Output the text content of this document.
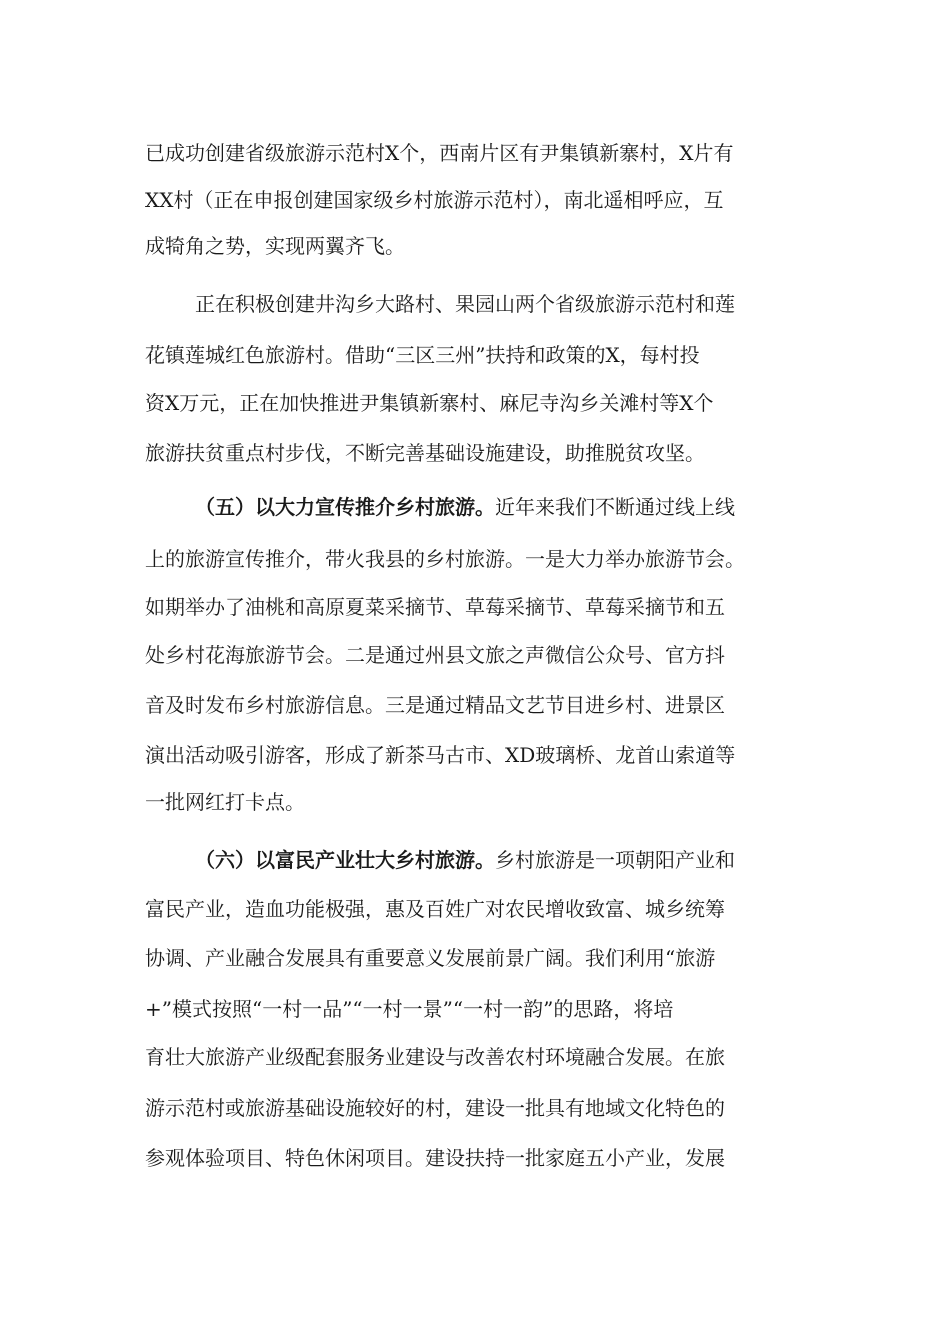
已成功创建省级旅游示范村X个，西南片区有尹集镇新寨村，X片有

XX村（正在申报创建国家级乡村旅游示范村），南北遥相呼应，互

成犄角之势，实现两翼齐飞。

正在积极创建井沟乡大路村、果园山两个省级旅游示范村和莲

花镇莲城红色旅游村。借助“三区三州”扶持和政策的X，每村投

资X万元，正在加快推进尹集镇新寨村、麻尼寺沟乡关滩村等X个

旅游扶贫重点村步伐，不断完善基础设施建设，助推脱贫攻坚。

（五）以大力宣传推介乡村旅游。近年来我们不断通过线上线

上的旅游宣传推介，带火我县的乡村旅游。一是大力举办旅游节会。

如期举办了油桃和高原夏菜采摘节、草莓采摘节、草莓采摘节和五

处乡村花海旅游节会。二是通过州县文旅之声微信公众号、官方抖

音及时发布乡村旅游信息。三是通过精品文艺节目进乡村、进景区

演出活动吸引游客，形成了新茶马古市、XD玻璃桥、龙首山索道等

一批网红打卡点。

（六）以富民产业壮大乡村旅游。乡村旅游是一项朝阳产业和

富民产业，造血功能极强，惠及百姓广对农民增收致富、城乡统筹

协调、产业融合发展具有重要意义发展前景广阔。我们利用“旅游

+”模式按照“一村一品”“一村一景”“一村一韵”的思路，将培

育壮大旅游产业级配套服务业建设与改善农村环境融合发展。在旅

游示范村或旅游基础设施较好的村，建设一批具有地域文化特色的

参观体验项目、特色休闲项目。建设扶持一批家庭五小产业，发展
